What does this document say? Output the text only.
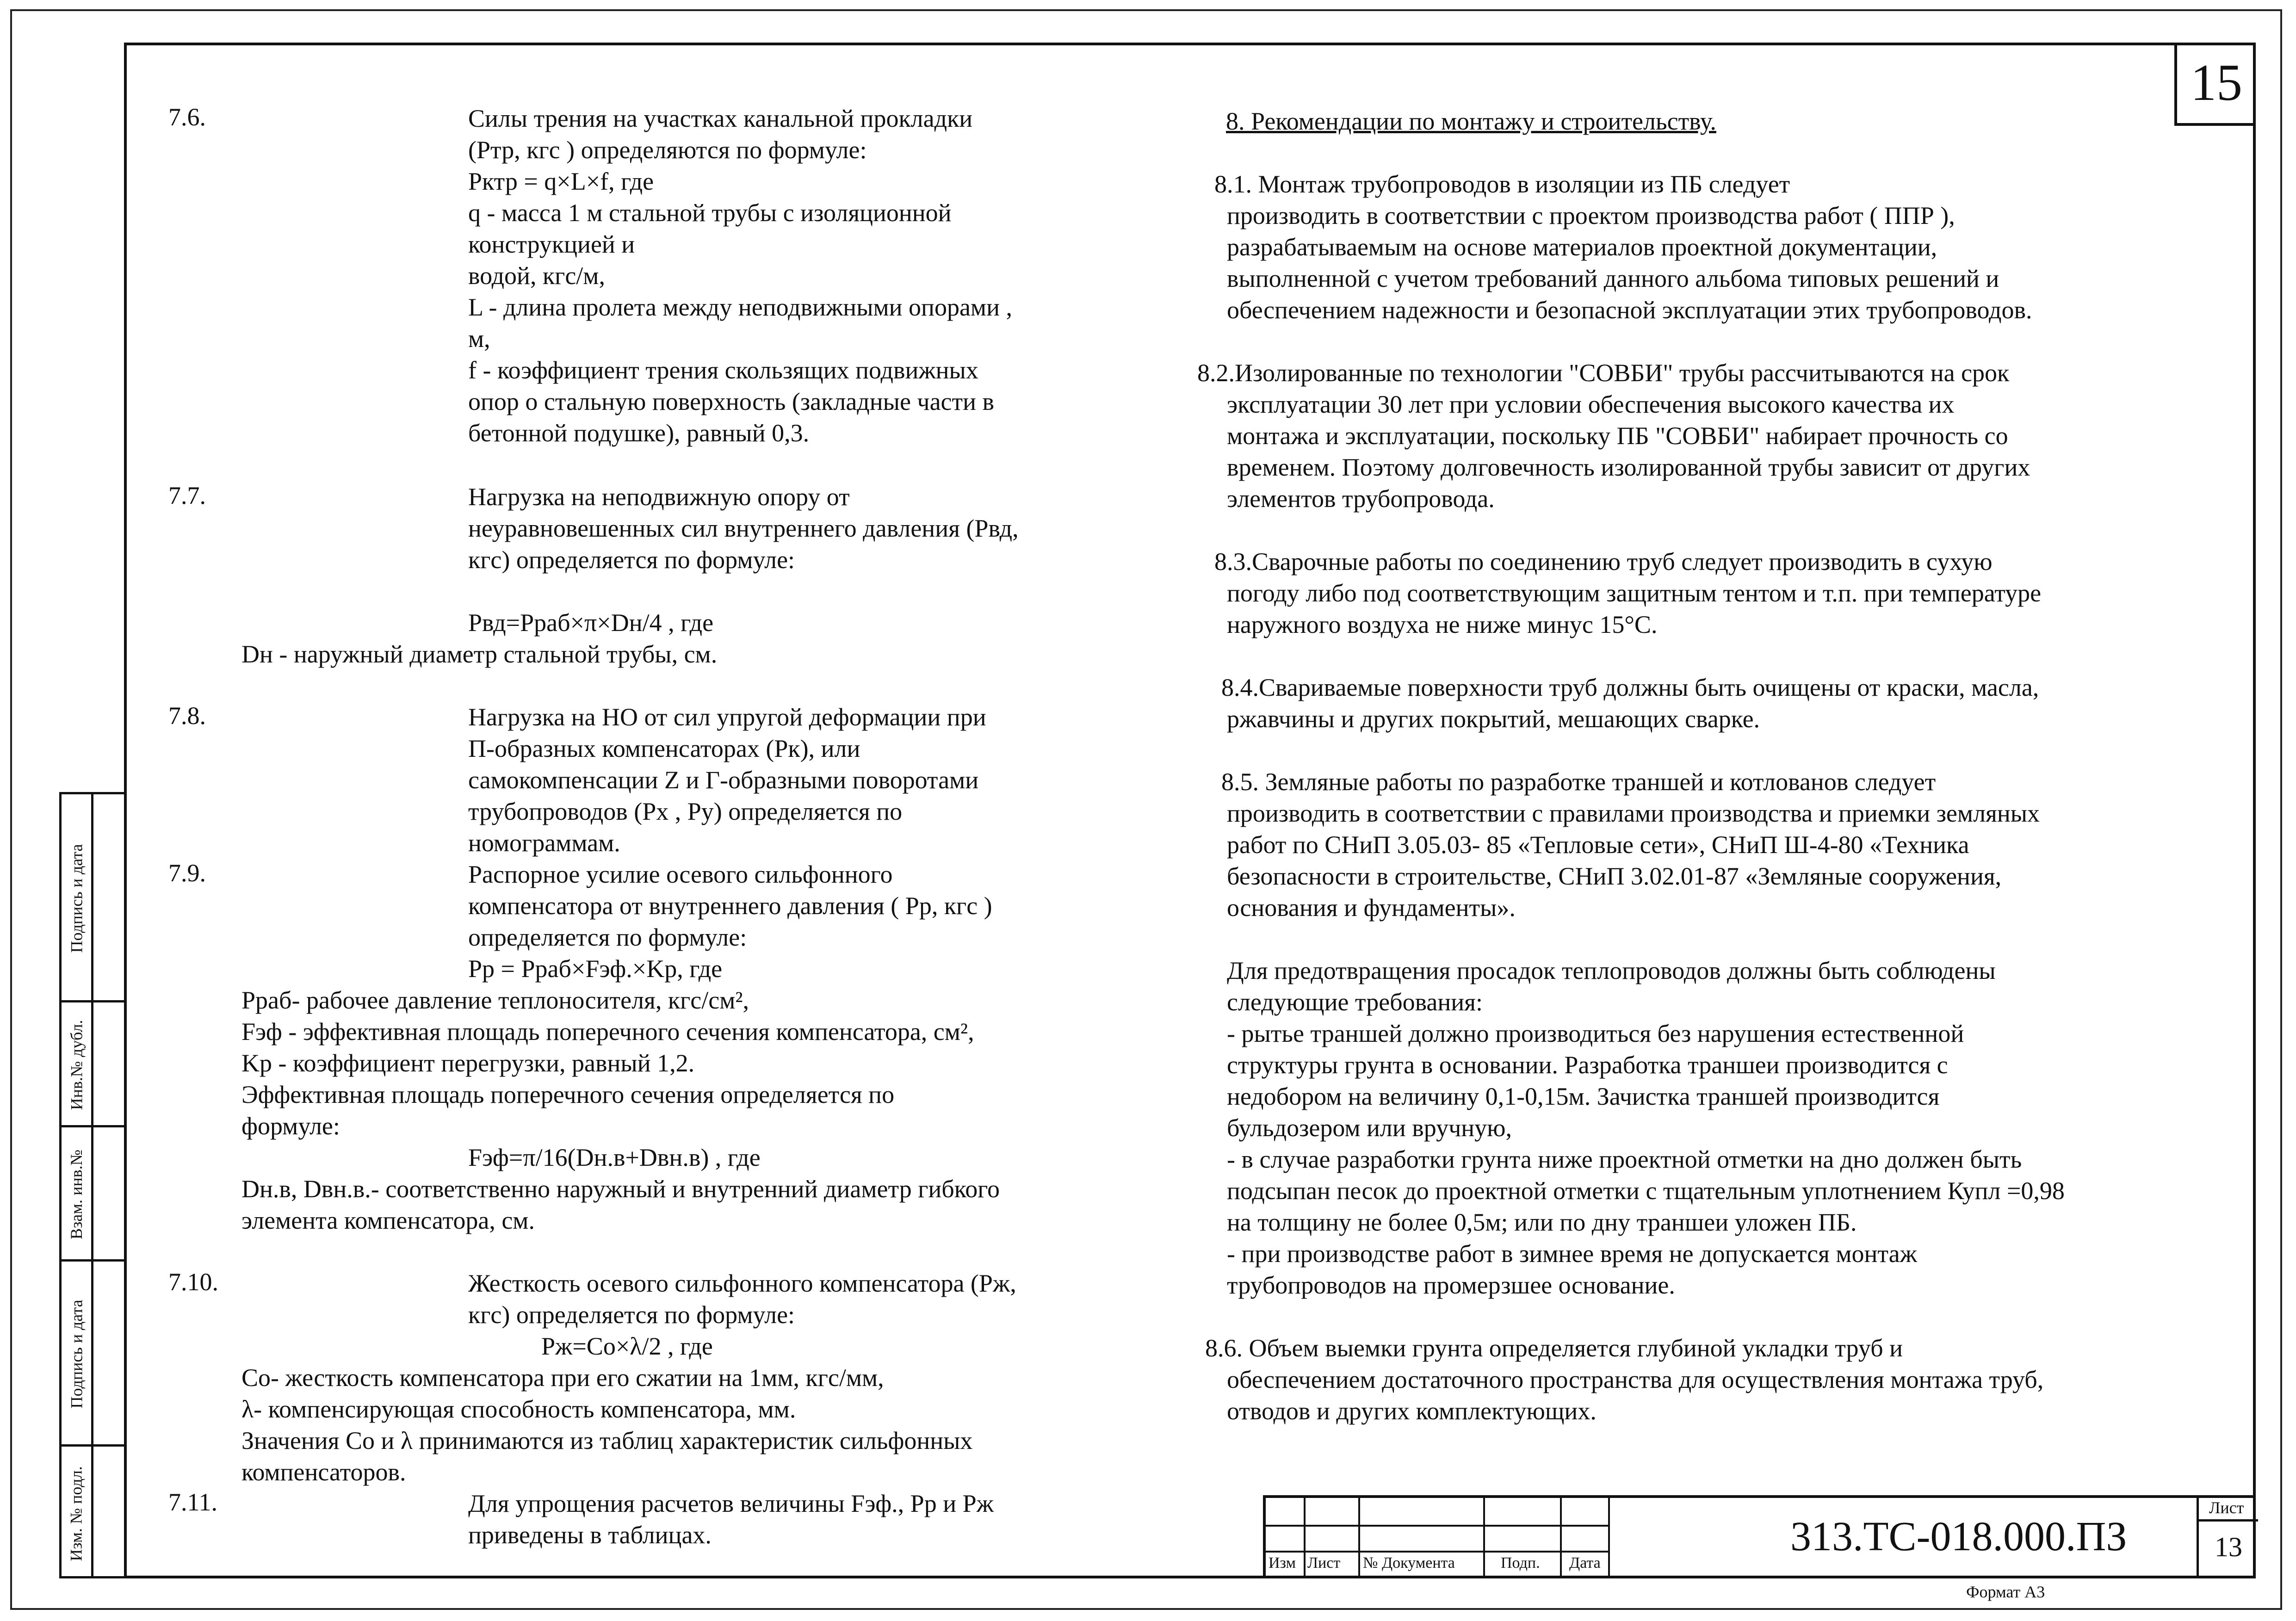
15
Подпись и дата
Инв.№ дубл.
Взам. инв.№
Подпись и дата
Изм. № подл.
7.6.	Силы трения на участках канальной прокладки
(Pтр, кгс ) определяются по формуле:
Pктр = q×L×f, где
q - масса 1 м стальной трубы с изоляционной
конструкцией и
водой, кгс/м,
L - длина пролета между неподвижными опорами ,
м,
f - коэффициент трения скользящих подвижных
опор о стальную поверхность (закладные части в
бетонной подушке), равный 0,3.
7.7.	Нагрузка на неподвижную опору от
неуравновешенных сил внутреннего давления (Pвд,
кгс) определяется по формуле:
Pвд=Pраб×π×Dн/4 , где
Dн - наружный диаметр стальной трубы, см.
7.8.	Нагрузка на НО от сил упругой деформации при
П-образных компенсаторах (Pк), или
самокомпенсации Z и Г-образными поворотами
трубопроводов (Px , Py) определяется по
номограммам.
7.9.	Распорное усилие осевого сильфонного
компенсатора от внутреннего давления ( Pp, кгс )
определяется по формуле:
Pp = Pраб×Fэф.×Kp, где
Pраб- рабочее давление теплоносителя, кгс/см²,
Fэф - эффективная площадь поперечного сечения компенсатора, см²,
Kp - коэффициент перегрузки, равный 1,2.
Эффективная площадь поперечного сечения определяется по
формуле:
Fэф=π/16(Dн.в+Dвн.в) , где
Dн.в, Dвн.в.- соответственно наружный и внутренний диаметр гибкого
элемента компенсатора, см.
7.10.	Жесткость осевого сильфонного компенсатора (Pж,
кгс) определяется по формуле:
Pж=Co×λ/2 , где
Co- жесткость компенсатора при его сжатии на 1мм, кгс/мм,
λ- компенсирующая способность компенсатора, мм.
Значения Co и λ принимаются из таблиц характеристик сильфонных
компенсаторов.
7.11.	Для упрощения расчетов величины Fэф., Pp и Pж
приведены в таблицах.
8. Рекомендации по монтажу и строительству.
8.1. Монтаж трубопроводов в изоляции из ПБ следует
производить в соответствии с проектом производства работ ( ППР ),
разрабатываемым на основе материалов проектной документации,
выполненной с учетом требований данного альбома типовых решений и
обеспечением надежности и безопасной эксплуатации этих трубопроводов.
8.2.Изолированные по технологии "СОВБИ" трубы рассчитываются на срок
эксплуатации 30 лет при условии обеспечения высокого качества их
монтажа и эксплуатации, поскольку ПБ "СОВБИ" набирает прочность со
временем. Поэтому долговечность изолированной трубы зависит от других
элементов трубопровода.
8.3.Сварочные работы по соединению труб следует производить в сухую
погоду либо под соответствующим защитным тентом и т.п. при температуре
наружного воздуха не ниже минус 15°С.
8.4.Свариваемые поверхности труб должны быть очищены от краски, масла,
ржавчины и других покрытий, мешающих сварке.
8.5. Земляные работы по разработке траншей и котлованов следует
производить в соответствии с правилами производства и приемки земляных
работ по СНиП 3.05.03- 85 «Тепловые сети», СНиП Ш-4-80 «Техника
безопасности в строительстве, СНиП 3.02.01-87 «Земляные сооружения,
основания и фундаменты».
Для предотвращения просадок теплопроводов должны быть соблюдены
следующие требования:
- рытье траншей должно производиться без нарушения естественной
структуры грунта в основании. Разработка траншеи производится с
недобором на величину 0,1-0,15м. Зачистка траншей производится
бульдозером или вручную,
- в случае разработки грунта ниже проектной отметки на дно должен быть
подсыпан песок до проектной отметки с тщательным уплотнением Купл =0,98
на толщину не более 0,5м; или по дну траншеи уложен ПБ.
- при производстве работ в зимнее время не допускается монтаж
трубопроводов на промерзшее основание.
8.6. Объем выемки грунта определяется глубиной укладки труб и
обеспечением достаточного пространства для осуществления монтажа труб,
отводов и других комплектующих.
Изм Лист № Документа	Подп. Дата
313.ТС-018.000.ПЗ
Лист
13
Формат А3
